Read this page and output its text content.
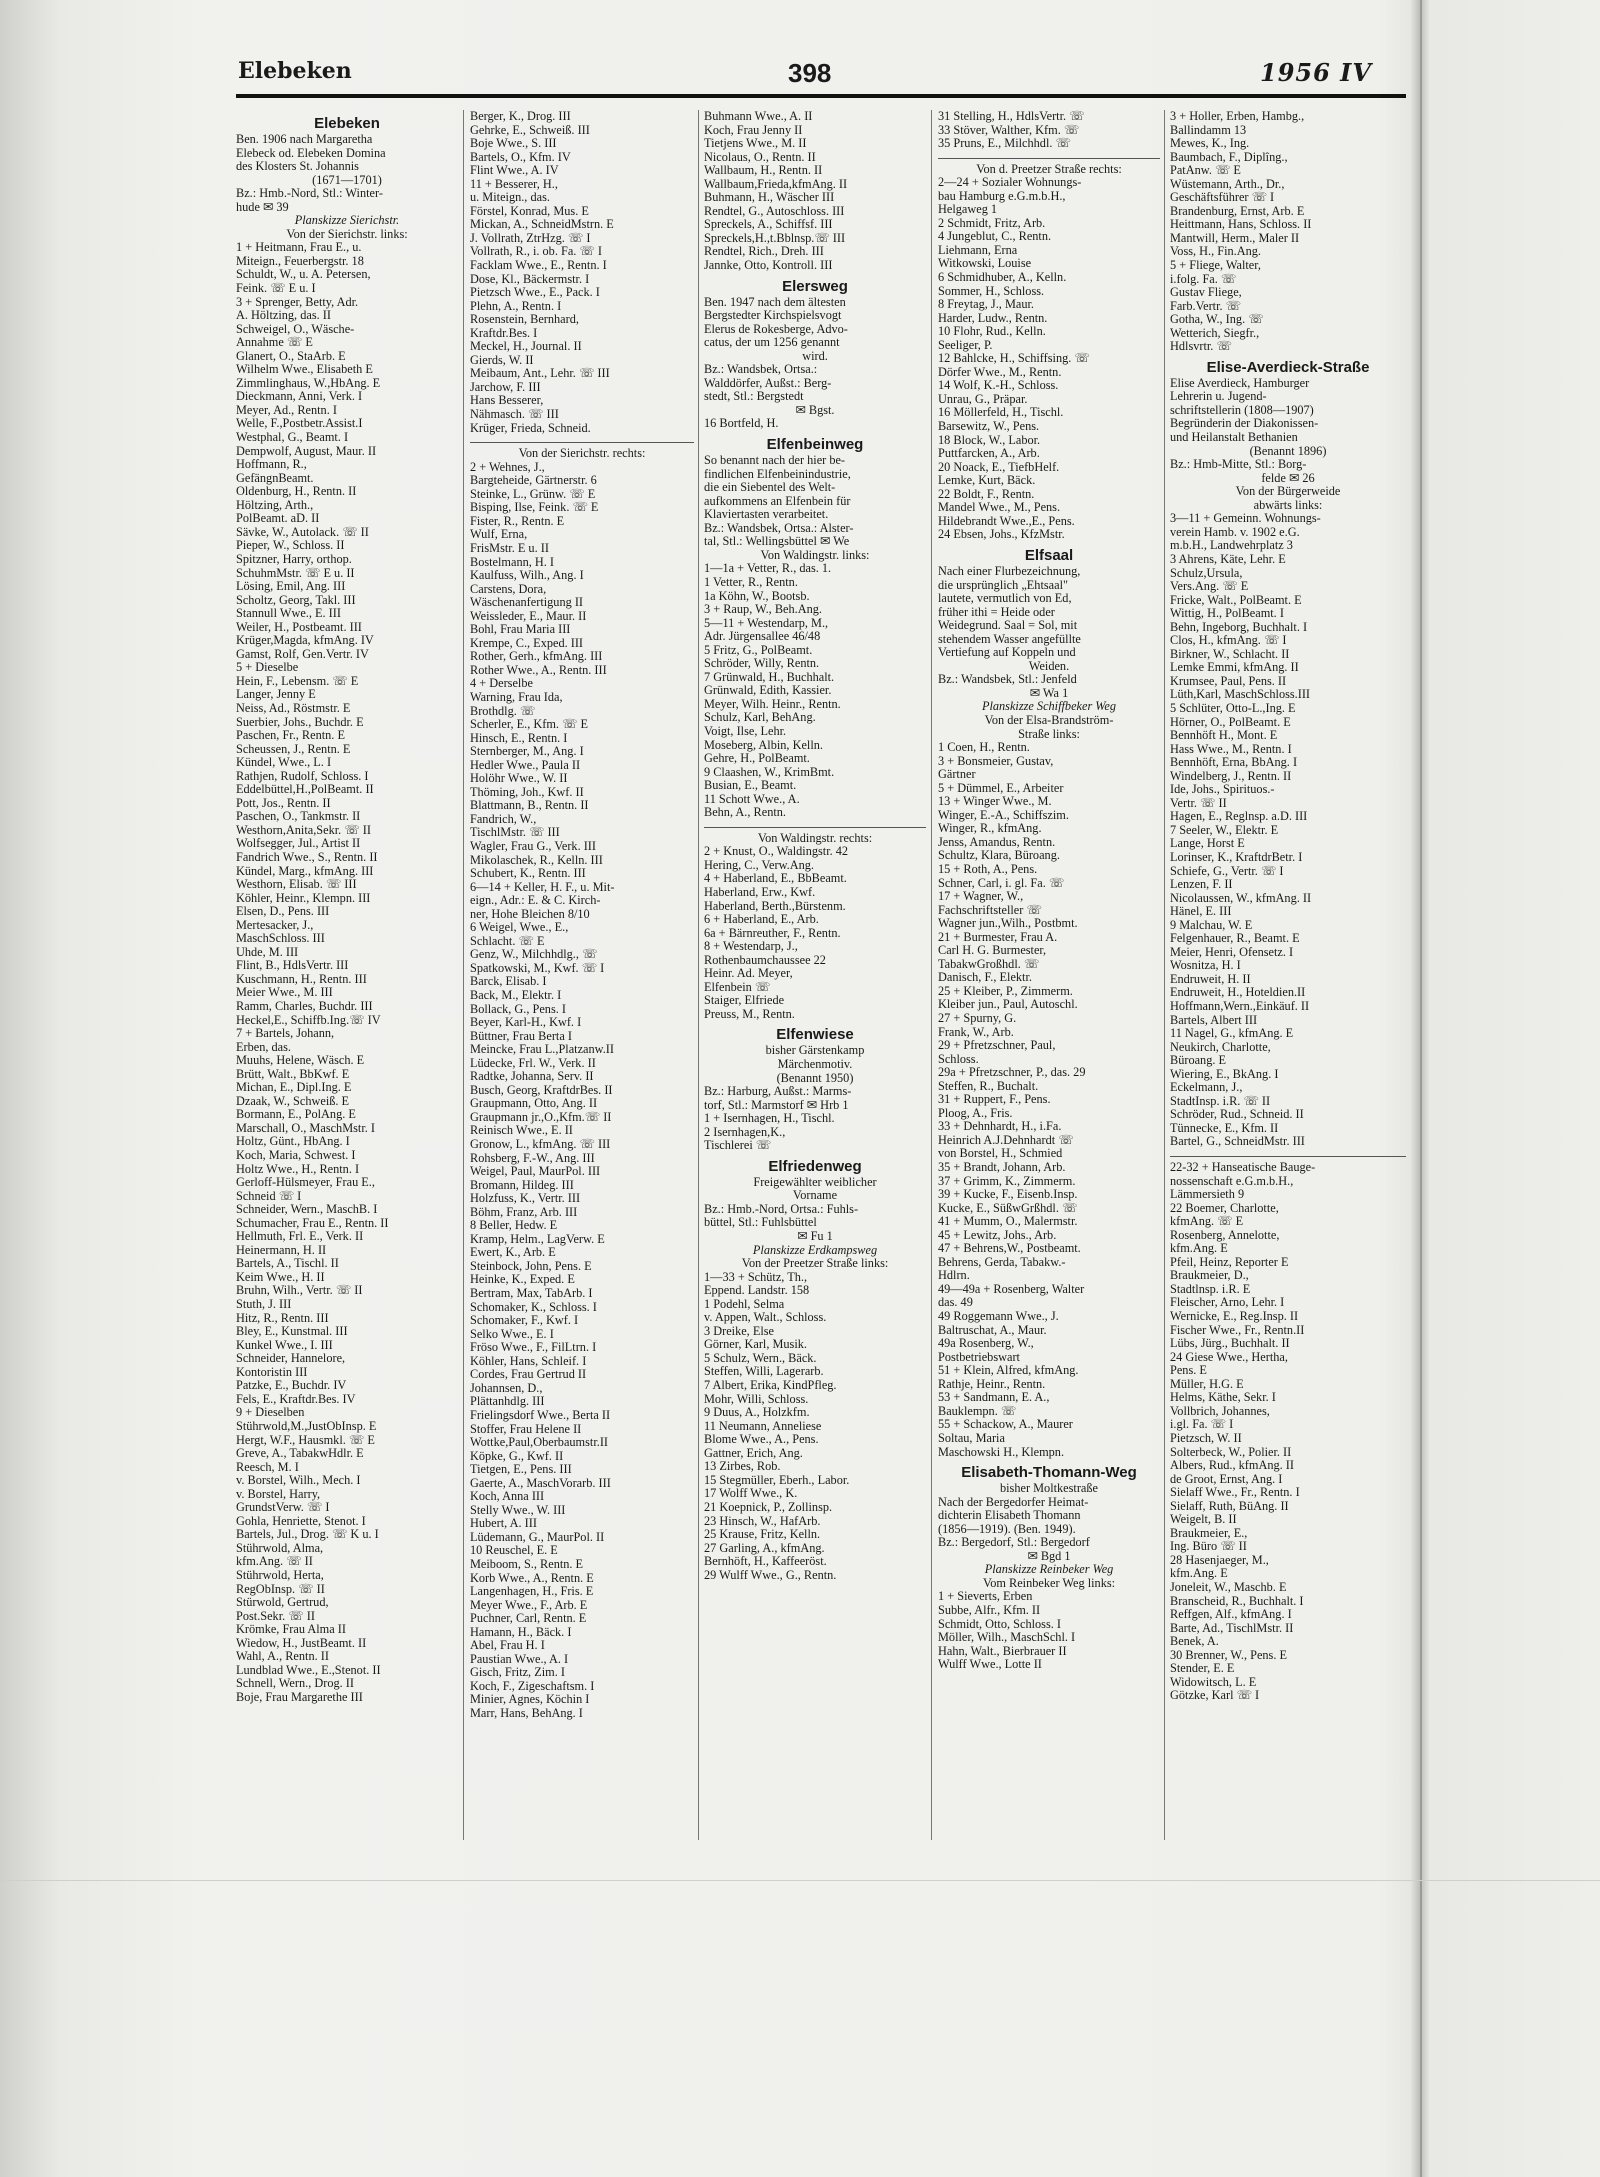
Elebeken	398	1956 IV
Elebeken
Ben. 1906 nach Margaretha
Elebeck od. Elebeken Domina
des Klosters St. Johannis
(1671—1701)
Bz.: Hmb.-Nord, Stl.: Winter-
hude ✉ 39
Planskizze Sierichstr.
Von der Sierichstr. links:
1 + Heitmann, Frau E., u.
Miteign., Feuerbergstr. 18
Schuldt, W., u. A. Petersen,
Feink. ☏ E u. I
3 + Sprenger, Betty, Adr.
A. Höltzing, das. II
Schweigel, O., Wäsche-
Annahme ☏ E
Glanert, O., StaArb. E
Wilhelm Wwe., Elisabeth E
Zimmlinghaus, W.,HbAng. E
Dieckmann, Anni, Verk. I
Meyer, Ad., Rentn. I
Welle, F.,Postbetr.Assist.I
Westphal, G., Beamt. I
Dempwolf, August, Maur. II
Hoffmann, R.,
GefängnBeamt.
Oldenburg, H., Rentn. II
Höltzing, Arth.,
PolBeamt. aD. II
Sävke, W., Autolack. ☏ II
Pieper, W., Schloss. II
Spitzner, Harry, orthop.
SchuhmMstr. ☏ E u. II
Lösing, Emil, Ang. III
Scholtz, Georg, Takl. III
Stannull Wwe., E. III
Weiler, H., Postbeamt. III
Krüger,Magda, kfmAng. IV
Gamst, Rolf, Gen.Vertr. IV
5 + Dieselbe
Hein, F., Lebensm. ☏ E
Langer, Jenny E
Neiss, Ad., Röstmstr. E
Suerbier, Johs., Buchdr. E
Paschen, Fr., Rentn. E
Scheussen, J., Rentn. E
Kündel, Wwe., L. I
Rathjen, Rudolf, Schloss. I
Eddelbüttel,H.,PolBeamt. II
Pott, Jos., Rentn. II
Paschen, O., Tankmstr. II
Westhorn,Anita,Sekr. ☏ II
Wolfsegger, Jul., Artist II
Fandrich Wwe., S., Rentn. II
Kündel, Marg., kfmAng. III
Westhorn, Elisab. ☏ III
Köhler, Heinr., Klempn. III
Elsen, D., Pens. III
Mertesacker, J.,
MaschSchloss. III
Uhde, M. III
Flint, B., HdlsVertr. III
Kuschmann, H., Rentn. III
Meier Wwe., M. III
Ramm, Charles, Buchdr. III
Heckel,E., Schiffb.Ing.☏ IV
7 + Bartels, Johann,
Erben, das.
Muuhs, Helene, Wäsch. E
Brütt, Walt., BbKwf. E
Michan, E., Dipl.Ing. E
Dzaak, W., Schweiß. E
Bormann, E., PolAng. E
Marschall, O., MaschMstr. I
Holtz, Günt., HbAng. I
Koch, Maria, Schwest. I
Holtz Wwe., H., Rentn. I
Gerloff-Hülsmeyer, Frau E.,
Schneid ☏ I
Schneider, Wern., MaschB. I
Schumacher, Frau E., Rentn. II
Hellmuth, Frl. E., Verk. II
Heinermann, H. II
Bartels, A., Tischl. II
Keim Wwe., H. II
Bruhn, Wilh., Vertr. ☏ II
Stuth, J. III
Hitz, R., Rentn. III
Bley, E., Kunstmal. III
Kunkel Wwe., I. III
Schneider, Hannelore,
Kontoristin III
Patzke, E., Buchdr. IV
Fels, E., Kraftdr.Bes. IV
9 + Dieselben
Stührwold,M.,JustObInsp. E
Hergt, W.F., Hausmkl. ☏ E
Greve, A., TabakwHdlr. E
Reesch, M. I
v. Borstel, Wilh., Mech. I
v. Borstel, Harry,
GrundstVerw. ☏ I
Gohla, Henriette, Stenot. I
Bartels, Jul., Drog. ☏ K u. I
Stührwold, Alma,
kfm.Ang. ☏ II
Stührwold, Herta,
RegObInsp. ☏ II
Stürwold, Gertrud,
Post.Sekr. ☏ II
Krömke, Frau Alma II
Wiedow, H., JustBeamt. II
Wahl, A., Rentn. II
Lundblad Wwe., E.,Stenot. II
Schnell, Wern., Drog. II
Boje, Frau Margarethe III
Berger, K., Drog. III
Gehrke, E., Schweiß. III
Boje Wwe., S. III
Bartels, O., Kfm. IV
Flint Wwe., A. IV
11 + Besserer, H.,
u. Miteign., das.
Förstel, Konrad, Mus. E
Mickan, A., SchneidMstrn. E
J. Vollrath, ZtrHzg. ☏ I
Vollrath, R., i. ob. Fa. ☏ I
Facklam Wwe., E., Rentn. I
Dose, Kl., Bäckermstr. I
Pietzsch Wwe., E., Pack. I
Plehn, A., Rentn. I
Rosenstein, Bernhard,
Kraftdr.Bes. I
Meckel, H., Journal. II
Gierds, W. II
Meibaum, Ant., Lehr. ☏ III
Jarchow, F. III
Hans Besserer,
Nähmasch. ☏ III
Krüger, Frieda, Schneid.
Von der Sierichstr. rechts:
2 + Wehnes, J.,
Bargteheide, Gärtnerstr. 6
Steinke, L., Grünw. ☏ E
Bisping, Ilse, Feink. ☏ E
Fister, R., Rentn. E
Wulf, Erna,
FrisMstr. E u. II
Bostelmann, H. I
Kaulfuss, Wilh., Ang. I
Carstens, Dora,
Wäschenanfertigung II
Weissleder, E., Maur. II
Bohl, Frau Maria III
Krempe, C., Exped. III
Rother, Gerh., kfmAng. III
Rother Wwe., A., Rentn. III
4 + Derselbe
Warning, Frau Ida,
Brothdlg. ☏
Scherler, E., Kfm. ☏ E
Hinsch, E., Rentn. I
Sternberger, M., Ang. I
Hedler Wwe., Paula II
Holöhr Wwe., W. II
Thöming, Joh., Kwf. II
Blattmann, B., Rentn. II
Fandrich, W.,
TischlMstr. ☏ III
Wagler, Frau G., Verk. III
Mikolaschek, R., Kelln. III
Schubert, K., Rentn. III
6—14 + Keller, H. F., u. Mit-
eign., Adr.: E. & C. Kirch-
ner, Hohe Bleichen 8/10
6 Weigel, Wwe., E.,
Schlacht. ☏ E
Genz, W., Milchhdlg., ☏
Spatkowski, M., Kwf. ☏ I
Barck, Elisab. I
Back, M., Elektr. I
Bollack, G., Pens. I
Beyer, Karl-H., Kwf. I
Büttner, Frau Berta I
Meincke, Frau L.,Platzanw.II
Lüdecke, Frl. W., Verk. II
Radtke, Johanna, Serv. II
Busch, Georg, KraftdrBes. II
Graupmann, Otto, Ang. II
Graupmann jr.,O.,Kfm.☏ II
Reinisch Wwe., E. II
Gronow, L., kfmAng. ☏ III
Rohsberg, F.-W., Ang. III
Weigel, Paul, MaurPol. III
Bromann, Hildeg. III
Holzfuss, K., Vertr. III
Böhm, Franz, Arb. III
8 Beller, Hedw. E
Kramp, Helm., LagVerw. E
Ewert, K., Arb. E
Steinbock, John, Pens. E
Heinke, K., Exped. E
Bertram, Max, TabArb. I
Schomaker, K., Schloss. I
Schomaker, F., Kwf. I
Selko Wwe., E. I
Fröso Wwe., F., FilLtrn. I
Köhler, Hans, Schleif. I
Cordes, Frau Gertrud II
Johannsen, D.,
Plättanhdlg. III
Frielingsdorf Wwe., Berta II
Stoffer, Frau Helene II
Wottke,Paul,Oberbaumstr.II
Köpke, G., Kwf. II
Tietgen, E., Pens. III
Gaerte, A., MaschVorarb. III
Koch, Anna III
Stelly Wwe., W. III
Hubert, A. III
Lüdemann, G., MaurPol. II
10 Reuschel, E. E
Meiboom, S., Rentn. E
Korb Wwe., A., Rentn. E
Langenhagen, H., Fris. E
Meyer Wwe., F., Arb. E
Puchner, Carl, Rentn. E
Hamann, H., Bäck. I
Abel, Frau H. I
Paustian Wwe., A. I
Gisch, Fritz, Zim. I
Koch, F., Zigeschaftsm. I
Minier, Agnes, Köchin I
Marr, Hans, BehAng. I
Buhmann Wwe., A. II
Koch, Frau Jenny II
Tietjens Wwe., M. II
Nicolaus, O., Rentn. II
Wallbaum, H., Rentn. II
Wallbaum,Frieda,kfmAng. II
Buhmann, H., Wäscher III
Rendtel, G., Autoschloss. III
Spreckels, A., Schiffsf. III
Spreckels,H.,t.Bblnsp.☏ III
Rendtel, Rich., Dreh. III
Jannke, Otto, Kontroll. III
Elersweg
Ben. 1947 nach dem ältesten
Bergstedter Kirchspielsvogt
Elerus de Rokesberge, Advo-
catus, der um 1256 genannt
wird.
Bz.: Wandsbek, Ortsa.:
Walddörfer, Außst.: Berg-
stedt, Stl.: Bergstedt
✉ Bgst.
16 Bortfeld, H.
Elfenbeinweg
So benannt nach der hier be-
findlichen Elfenbeinindustrie,
die ein Siebentel des Welt-
aufkommens an Elfenbein für
Klaviertasten verarbeitet.
Bz.: Wandsbek, Ortsa.: Alster-
tal, Stl.: Wellingsbüttel ✉ We
Von Waldingstr. links:
1—1a + Vetter, R., das. 1.
1 Vetter, R., Rentn.
1a Köhn, W., Bootsb.
3 + Raup, W., Beh.Ang.
5—11 + Westendarp, M.,
Adr. Jürgensallee 46/48
5 Fritz, G., PolBeamt.
Schröder, Willy, Rentn.
7 Grünwald, H., Buchhalt.
Grünwald, Edith, Kassier.
Meyer, Wilh. Heinr., Rentn.
Schulz, Karl, BehAng.
Voigt, Ilse, Lehr.
Moseberg, Albin, Kelln.
Gehre, H., PolBeamt.
9 Claashen, W., KrimBmt.
Busian, E., Beamt.
11 Schott Wwe., A.
Behn, A., Rentn.
Von Waldingstr. rechts:
2 + Knust, O., Waldingstr. 42
Hering, C., Verw.Ang.
4 + Haberland, E., BbBeamt.
Haberland, Erw., Kwf.
Haberland, Berth.,Bürstenm.
6 + Haberland, E., Arb.
6a + Bärnreuther, F., Rentn.
8 + Westendarp, J.,
Rothenbaumchaussee 22
Heinr. Ad. Meyer,
Elfenbein ☏
Staiger, Elfriede
Preuss, M., Rentn.
Elfenwiese
bisher Gärstenkamp
Märchenmotiv.
(Benannt 1950)
Bz.: Harburg, Außst.: Marms-
torf, Stl.: Marmstorf ✉ Hrb 1
1 + Isernhagen, H., Tischl.
2 Isernhagen,K.,
Tischlerei ☏
Elfriedenweg
Freigewählter weiblicher
Vorname
Bz.: Hmb.-Nord, Ortsa.: Fuhls-
büttel, Stl.: Fuhlsbüttel
✉ Fu 1
Planskizze Erdkampsweg
Von der Preetzer Straße links:
1—33 + Schütz, Th.,
Eppend. Landstr. 158
1 Podehl, Selma
v. Appen, Walt., Schloss.
3 Dreike, Else
Görner, Karl, Musik.
5 Schulz, Wern., Bäck.
Steffen, Willi, Lagerarb.
7 Albert, Erika, KindPfleg.
Mohr, Willi, Schloss.
9 Duus, A., Holzkfm.
11 Neumann, Anneliese
Blome Wwe., A., Pens.
Gattner, Erich, Ang.
13 Zirbes, Rob.
15 Stegmüller, Eberh., Labor.
17 Wolff Wwe., K.
21 Koepnick, P., Zollinsp.
23 Hinsch, W., HafArb.
25 Krause, Fritz, Kelln.
27 Garling, A., kfmAng.
Bernhöft, H., Kaffeeröst.
29 Wulff Wwe., G., Rentn.
31 Stelling, H., HdlsVertr. ☏
33 Stöver, Walther, Kfm. ☏
35 Pruns, E., Milchhdl. ☏
Von d. Preetzer Straße rechts:
2—24 + Sozialer Wohnungs-
bau Hamburg e.G.m.b.H.,
Helgaweg 1
2 Schmidt, Fritz, Arb.
4 Jungeblut, C., Rentn.
Liehmann, Erna
Witkowski, Louise
6 Schmidhuber, A., Kelln.
Sommer, H., Schloss.
8 Freytag, J., Maur.
Harder, Ludw., Rentn.
10 Flohr, Rud., Kelln.
Seeliger, P.
12 Bahlcke, H., Schiffsing. ☏
Dörfer Wwe., M., Rentn.
14 Wolf, K.-H., Schloss.
Unrau, G., Präpar.
16 Möllerfeld, H., Tischl.
Barsewitz, W., Pens.
18 Block, W., Labor.
Puttfarcken, A., Arb.
20 Noack, E., TiefbHelf.
Lemke, Kurt, Bäck.
22 Boldt, F., Rentn.
Mandel Wwe., M., Pens.
Hildebrandt Wwe.,E., Pens.
24 Ebsen, Johs., KfzMstr.
Elfsaal
Nach einer Flurbezeichnung,
die ursprünglich „Ehtsaal"
lautete, vermutlich von Ed,
früher ithi = Heide oder
Weidegrund. Saal = Sol, mit
stehendem Wasser angefüllte
Vertiefung auf Koppeln und
Weiden.
Bz.: Wandsbek, Stl.: Jenfeld
✉ Wa 1
Planskizze Schiffbeker Weg
Von der Elsa-Brandström-
Straße links:
1 Coen, H., Rentn.
3 + Bonsmeier, Gustav,
Gärtner
5 + Dümmel, E., Arbeiter
13 + Winger Wwe., M.
Winger, E.-A., Schiffszim.
Winger, R., kfmAng.
Jenss, Amandus, Rentn.
Schultz, Klara, Büroang.
15 + Roth, A., Pens.
Schner, Carl, i. gl. Fa. ☏
17 + Wagner, W.,
Fachschriftsteller ☏
Wagner jun.,Wilh., Postbmt.
21 + Burmester, Frau A.
Carl H. G. Burmester,
TabakwGroßhdl. ☏
Danisch, F., Elektr.
25 + Kleiber, P., Zimmerm.
Kleiber jun., Paul, Autoschl.
27 + Spurny, G.
Frank, W., Arb.
29 + Pfretzschner, Paul,
Schloss.
29a + Pfretzschner, P., das. 29
Steffen, R., Buchalt.
31 + Ruppert, F., Pens.
Ploog, A., Fris.
33 + Dehnhardt, H., i.Fa.
Heinrich A.J.Dehnhardt ☏
von Borstel, H., Schmied
35 + Brandt, Johann, Arb.
37 + Grimm, K., Zimmerm.
39 + Kucke, F., Eisenb.Insp.
Kucke, E., SüßwGrßhdl. ☏
41 + Mumm, O., Malermstr.
45 + Lewitz, Johs., Arb.
47 + Behrens,W., Postbeamt.
Behrens, Gerda, Tabakw.-
Hdlrn.
49—49a + Rosenberg, Walter
das. 49
49 Roggemann Wwe., J.
Baltruschat, A., Maur.
49a Rosenberg, W.,
Postbetriebswart
51 + Klein, Alfred, kfmAng.
Rathje, Heinr., Rentn.
53 + Sandmann, E. A.,
Bauklempn. ☏
55 + Schackow, A., Maurer
Soltau, Maria
Maschowski H., Klempn.
Elisabeth-Thomann-Weg
bisher Moltkestraße
Nach der Bergedorfer Heimat-
dichterin Elisabeth Thomann
(1856—1919). (Ben. 1949).
Bz.: Bergedorf, Stl.: Bergedorf
✉ Bgd 1
Planskizze Reinbeker Weg
Vom Reinbeker Weg links:
1 + Sieverts, Erben
Subbe, Alfr., Kfm. II
Schmidt, Otto, Schloss. I
Möller, Wilh., MaschSchl. I
Hahn, Walt., Bierbrauer II
Wulff Wwe., Lotte II
3 + Holler, Erben, Hambg.,
Ballindamm 13
Mewes, K., Ing.
Baumbach, F., Diplîng.,
PatAnw. ☏ E
Wüstemann, Arth., Dr.,
Geschäftsführer ☏ I
Brandenburg, Ernst, Arb. E
Heittmann, Hans, Schloss. II
Mantwill, Herm., Maler II
Voss, H., Fin.Ang.
5 + Fliege, Walter,
i.folg. Fa. ☏
Gustav Fliege,
Farb.Vertr. ☏
Gotha, W., Ing. ☏
Wetterich, Siegfr.,
Hdlsvrtr. ☏
Elise-Averdieck-Straße
Elise Averdieck, Hamburger
Lehrerin u. Jugend-
schriftstellerin (1808—1907)
Begründerin der Diakonissen-
und Heilanstalt Bethanien
(Benannt 1896)
Bz.: Hmb-Mitte, Stl.: Borg-
felde ✉ 26
Von der Bürgerweide
abwärts links:
3—11 + Gemeinn. Wohnungs-
verein Hamb. v. 1902 e.G.
m.b.H., Landwehrplatz 3
3 Ahrens, Käte, Lehr. E
Schulz,Ursula,
Vers.Ang. ☏ E
Fricke, Walt., PolBeamt. E
Wittig, H., PolBeamt. I
Behn, Ingeborg, Buchhalt. I
Clos, H., kfmAng. ☏ I
Birkner, W., Schlacht. II
Lemke Emmi, kfmAng. II
Krumsee, Paul, Pens. II
Lüth,Karl, MaschSchloss.III
5 Schlüter, Otto-L.,Ing. E
Hörner, O., PolBeamt. E
Bennhöft H., Mont. E
Hass Wwe., M., Rentn. I
Bennhöft, Erna, BbAng. I
Windelberg, J., Rentn. II
Ide, Johs., Spirituos.-
Vertr. ☏ II
Hagen, E., Reglnsp. a.D. III
7 Seeler, W., Elektr. E
Lange, Horst E
Lorinser, K., KraftdrBetr. I
Schiefe, G., Vertr. ☏ I
Lenzen, F. II
Nicolaussen, W., kfmAng. II
Hänel, E. III
9 Malchau, W. E
Felgenhauer, R., Beamt. E
Meier, Henri, Ofensetz. I
Wosnitza, H. I
Endruweit, H. II
Endruweit, H., Hoteldien.II
Hoffmann,Wern.,Einkäuf. II
Bartels, Albert III
11 Nagel, G., kfmAng. E
Neukirch, Charlotte,
Büroang. E
Wiering, E., BkAng. I
Eckelmann, J.,
StadtInsp. i.R. ☏ II
Schröder, Rud., Schneid. II
Tünnecke, E., Kfm. II
Bartel, G., SchneidMstr. III
22-32 + Hanseatische Bauge-
nossenschaft e.G.m.b.H.,
Lämmersieth 9
22 Boemer, Charlotte,
kfmAng. ☏ E
Rosenberg, Annelotte,
kfm.Ang. E
Pfeil, Heinz, Reporter E
Braukmeier, D.,
Stadtlnsp. i.R. E
Fleischer, Arno, Lehr. I
Wernicke, E., Reg.Insp. II
Fischer Wwe., Fr., Rentn.II
Lübs, Jürg., Buchhalt. II
24 Giese Wwe., Hertha,
Pens. E
Müller, H.G. E
Helms, Käthe, Sekr. I
Vollbrich, Johannes,
i.gl. Fa. ☏ I
Pietzsch, W. II
Solterbeck, W., Polier. II
Albers, Rud., kfmAng. II
de Groot, Ernst, Ang. I
Sielaff Wwe., Fr., Rentn. I
Sielaff, Ruth, BüAng. II
Weigelt, B. II
Braukmeier, E.,
Ing. Büro ☏ II
28 Hasenjaeger, M.,
kfm.Ang. E
Joneleit, W., Maschb. E
Branscheid, R., Buchhalt. I
Reffgen, Alf., kfmAng. I
Barte, Ad., TischlMstr. II
Benek, A.
30 Brenner, W., Pens. E
Stender, E. E
Widowitsch, L. E
Götzke, Karl ☏ I
